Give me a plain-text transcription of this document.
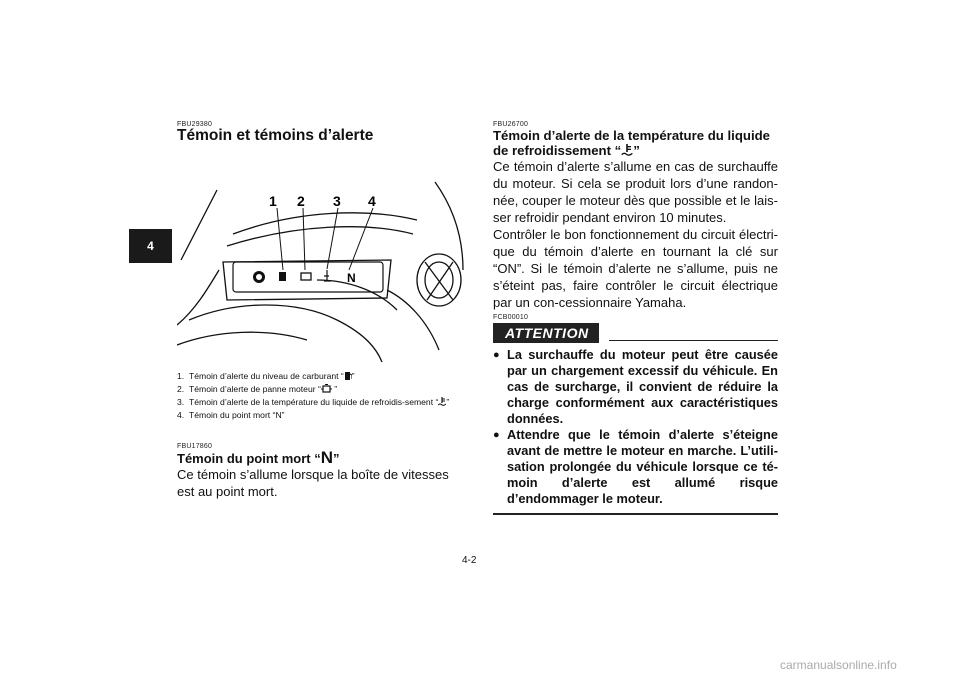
4
FBU29380
Témoin et témoins d’alerte
N
1 2 3 4
1. Témoin d’alerte du niveau de carburant “ ”
2. Témoin d’alerte de panne moteur “ ”
3. Témoin d’alerte de la température du liquide de refroidis-sement “ ”
4. Témoin du point mort “N”
FBU17860
Témoin du point mort “N”
Ce témoin s’allume lorsque la boîte de vitesses est au point mort.
FBU26700
Témoin d’alerte de la température du liquide
de refroidissement “ ”
Ce témoin d’alerte s’allume en cas de surchauffe du moteur. Si cela se produit lors d’une randon-née, couper le moteur dès que possible et le lais-ser refroidir pendant environ 10 minutes.
Contrôler le bon fonctionnement du circuit électri-que du témoin d’alerte en tournant la clé sur “ON”. Si le témoin d’alerte ne s’allume, puis ne s’éteint pas, faire contrôler le circuit électrique par un con-cessionnaire Yamaha.
FCB00010
ATTENTION
● La surchauffe du moteur peut être causée par un chargement excessif du véhicule. En cas de surcharge, il convient de réduire la charge conformément aux caractéristiques données.
● Attendre que le témoin d’alerte s’éteigne avant de mettre le moteur en marche. L’utili-sation prolongée du véhicule lorsque ce té-moin d’alerte est allumé risque d’endommager le moteur.
4-2
carmanualsonline.info
